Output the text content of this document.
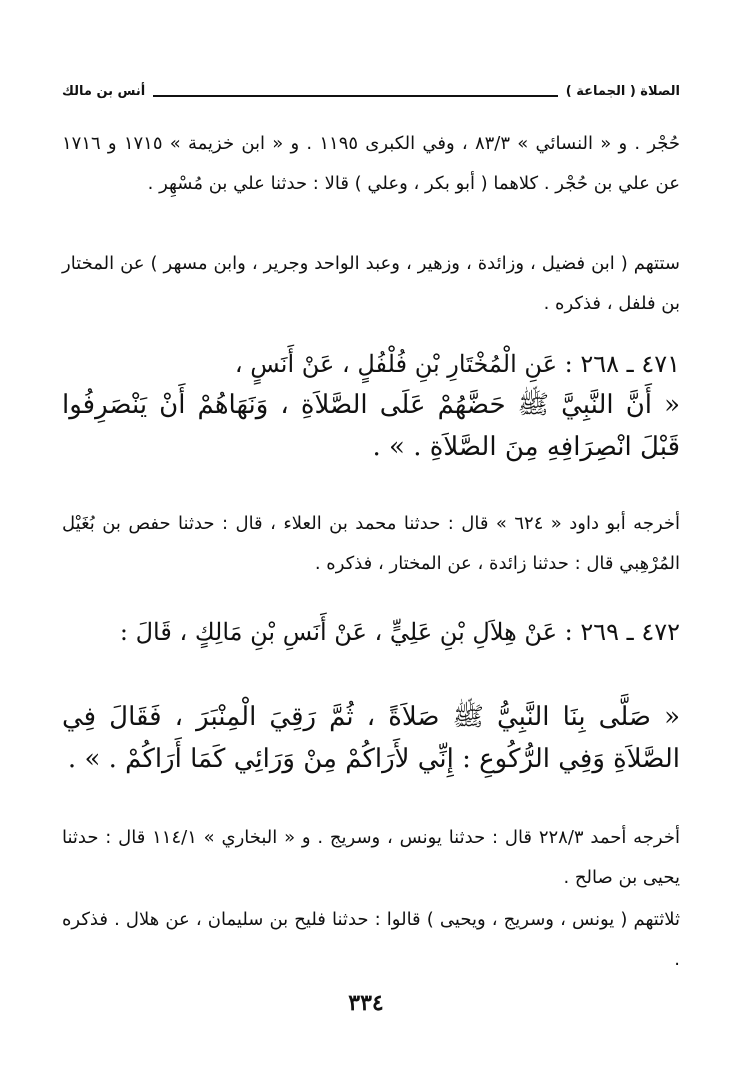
الصلاة ( الجماعة )
أنس بن مالك
حُجْر . و « النسائي » ٨٣/٣ ، وفي الكبرى ١١٩٥ . و « ابن خزيمة » ١٧١٥ و ١٧١٦ عن علي بن حُجْر . كلاهما ( أبو بكر ، وعلي ) قالا : حدثنا علي بن مُسْهِر .
ستتهم ( ابن فضيل ، وزائدة ، وزهير ، وعبد الواحد وجرير ، وابن مسهر ) عن المختار بن فلفل ، فذكره .
٤٧١ ـ ٢٦٨ : عَنِ الْمُخْتَارِ بْنِ فُلْفُلٍ ، عَنْ أَنَسٍ ،
« أَنَّ النَّبِيَّ ﷺ حَضَّهُمْ عَلَى الصَّلاَةِ ، وَنَهَاهُمْ أَنْ يَنْصَرِفُوا قَبْلَ انْصِرَافِهِ مِنَ الصَّلاَةِ . » .
أخرجه أبو داود « ٦٢٤ » قال : حدثنا محمد بن العلاء ، قال : حدثنا حفص بن بُغَيْل المُرْهِبي قال : حدثنا زائدة ، عن المختار ، فذكره .
٤٧٢ ـ ٢٦٩ : عَنْ هِلاَلِ بْنِ عَلِيٍّ ، عَنْ أَنَسِ بْنِ مَالِكٍ ، قَالَ :
« صَلَّى بِنَا النَّبِيُّ ﷺ صَلاَةً ، ثُمَّ رَقِيَ الْمِنْبَرَ ، فَقَالَ فِي الصَّلاَةِ وَفِي الرُّكُوعِ : إِنِّي لأَرَاكُمْ مِنْ وَرَائِي كَمَا أَرَاكُمْ . » .
أخرجه أحمد ٢٢٨/٣ قال : حدثنا يونس ، وسريج . و « البخاري » ١١٤/١ قال : حدثنا يحيى بن صالح .
ثلاثتهم ( يونس ، وسريج ، ويحيى ) قالوا : حدثنا فليح بن سليمان ، عن هلال . فذكره .
٣٣٤
